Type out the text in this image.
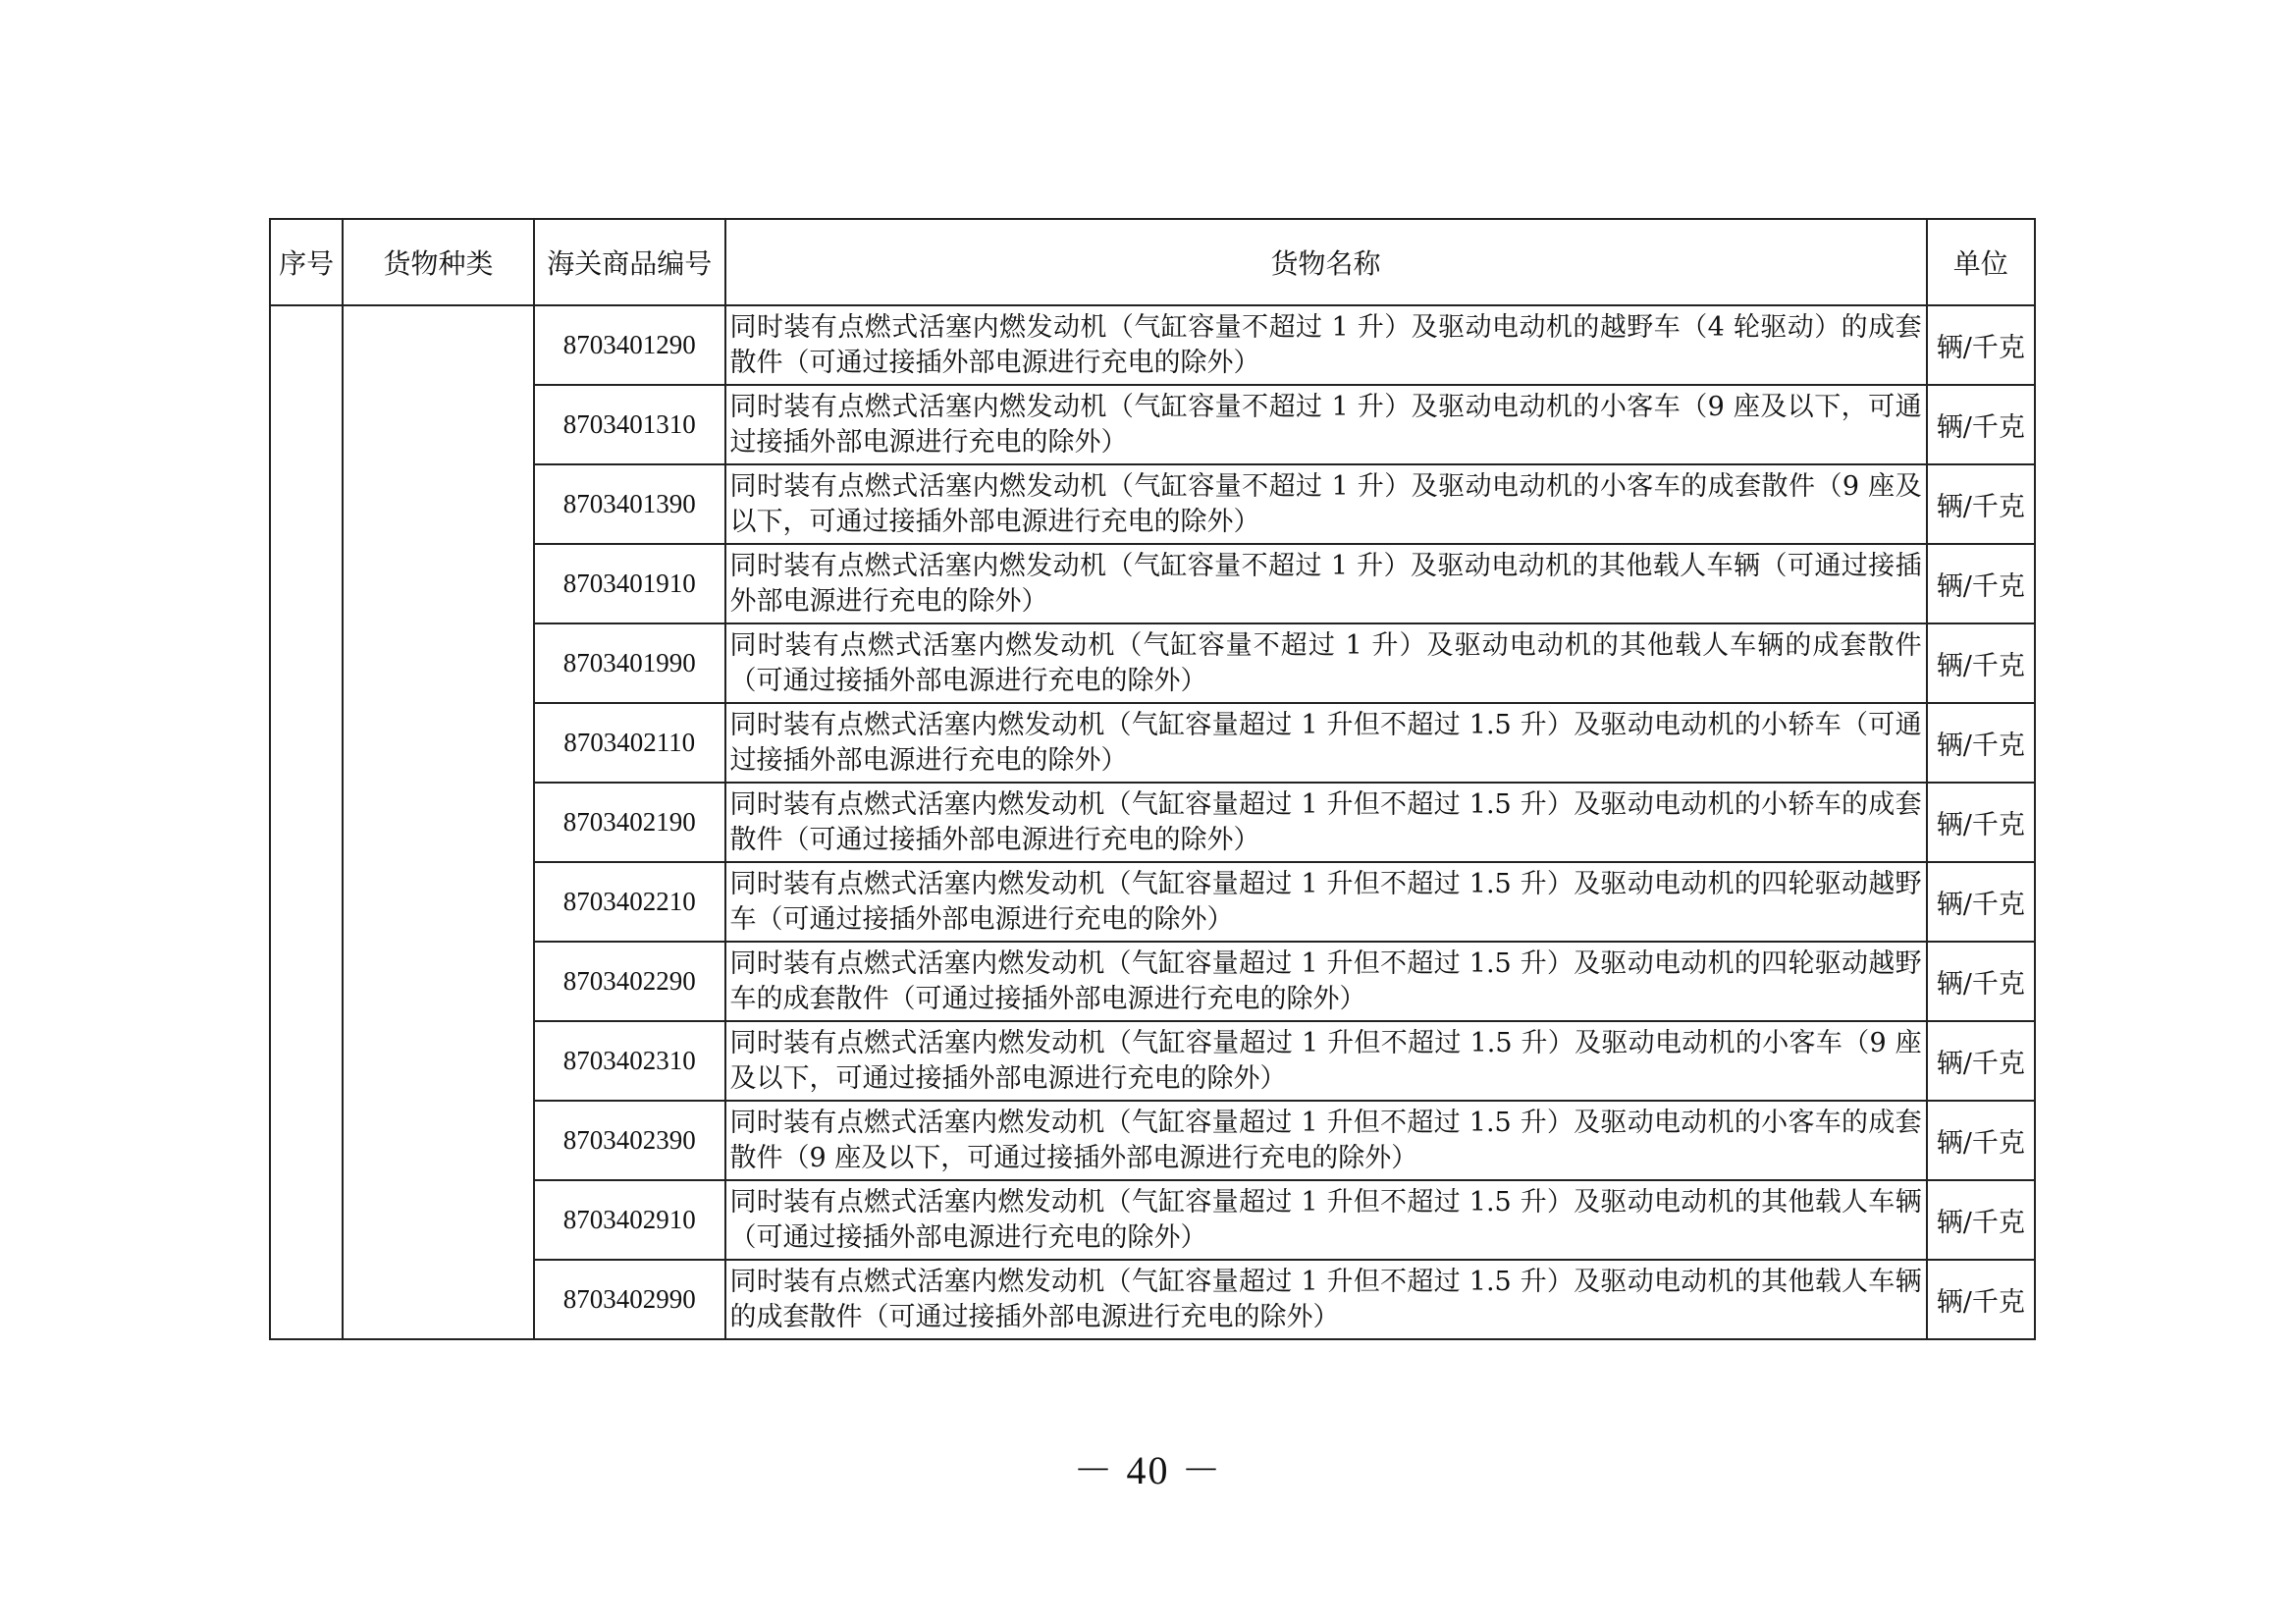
序号	货物种类	海关商品编号	货物名称	单位
		8703401290	同时装有点燃式活塞内燃发动机（气缸容量不超过 1 升）及驱动电动机的越野车（4 轮驱动）的成套散件（可通过接插外部电源进行充电的除外）	辆/千克
		8703401310	同时装有点燃式活塞内燃发动机（气缸容量不超过 1 升）及驱动电动机的小客车（9 座及以下，可通过接插外部电源进行充电的除外）	辆/千克
		8703401390	同时装有点燃式活塞内燃发动机（气缸容量不超过 1 升）及驱动电动机的小客车的成套散件（9 座及以下，可通过接插外部电源进行充电的除外）	辆/千克
		8703401910	同时装有点燃式活塞内燃发动机（气缸容量不超过 1 升）及驱动电动机的其他载人车辆（可通过接插外部电源进行充电的除外）	辆/千克
		8703401990	同时装有点燃式活塞内燃发动机（气缸容量不超过 1 升）及驱动电动机的其他载人车辆的成套散件（可通过接插外部电源进行充电的除外）	辆/千克
		8703402110	同时装有点燃式活塞内燃发动机（气缸容量超过 1 升但不超过 1.5 升）及驱动电动机的小轿车（可通过接插外部电源进行充电的除外）	辆/千克
		8703402190	同时装有点燃式活塞内燃发动机（气缸容量超过 1 升但不超过 1.5 升）及驱动电动机的小轿车的成套散件（可通过接插外部电源进行充电的除外）	辆/千克
		8703402210	同时装有点燃式活塞内燃发动机（气缸容量超过 1 升但不超过 1.5 升）及驱动电动机的四轮驱动越野车（可通过接插外部电源进行充电的除外）	辆/千克
		8703402290	同时装有点燃式活塞内燃发动机（气缸容量超过 1 升但不超过 1.5 升）及驱动电动机的四轮驱动越野车的成套散件（可通过接插外部电源进行充电的除外）	辆/千克
		8703402310	同时装有点燃式活塞内燃发动机（气缸容量超过 1 升但不超过 1.5 升）及驱动电动机的小客车（9 座及以下，可通过接插外部电源进行充电的除外）	辆/千克
		8703402390	同时装有点燃式活塞内燃发动机（气缸容量超过 1 升但不超过 1.5 升）及驱动电动机的小客车的成套散件（9 座及以下，可通过接插外部电源进行充电的除外）	辆/千克
		8703402910	同时装有点燃式活塞内燃发动机（气缸容量超过 1 升但不超过 1.5 升）及驱动电动机的其他载人车辆（可通过接插外部电源进行充电的除外）	辆/千克
		8703402990	同时装有点燃式活塞内燃发动机（气缸容量超过 1 升但不超过 1.5 升）及驱动电动机的其他载人车辆的成套散件（可通过接插外部电源进行充电的除外）	辆/千克
－ 40 －
